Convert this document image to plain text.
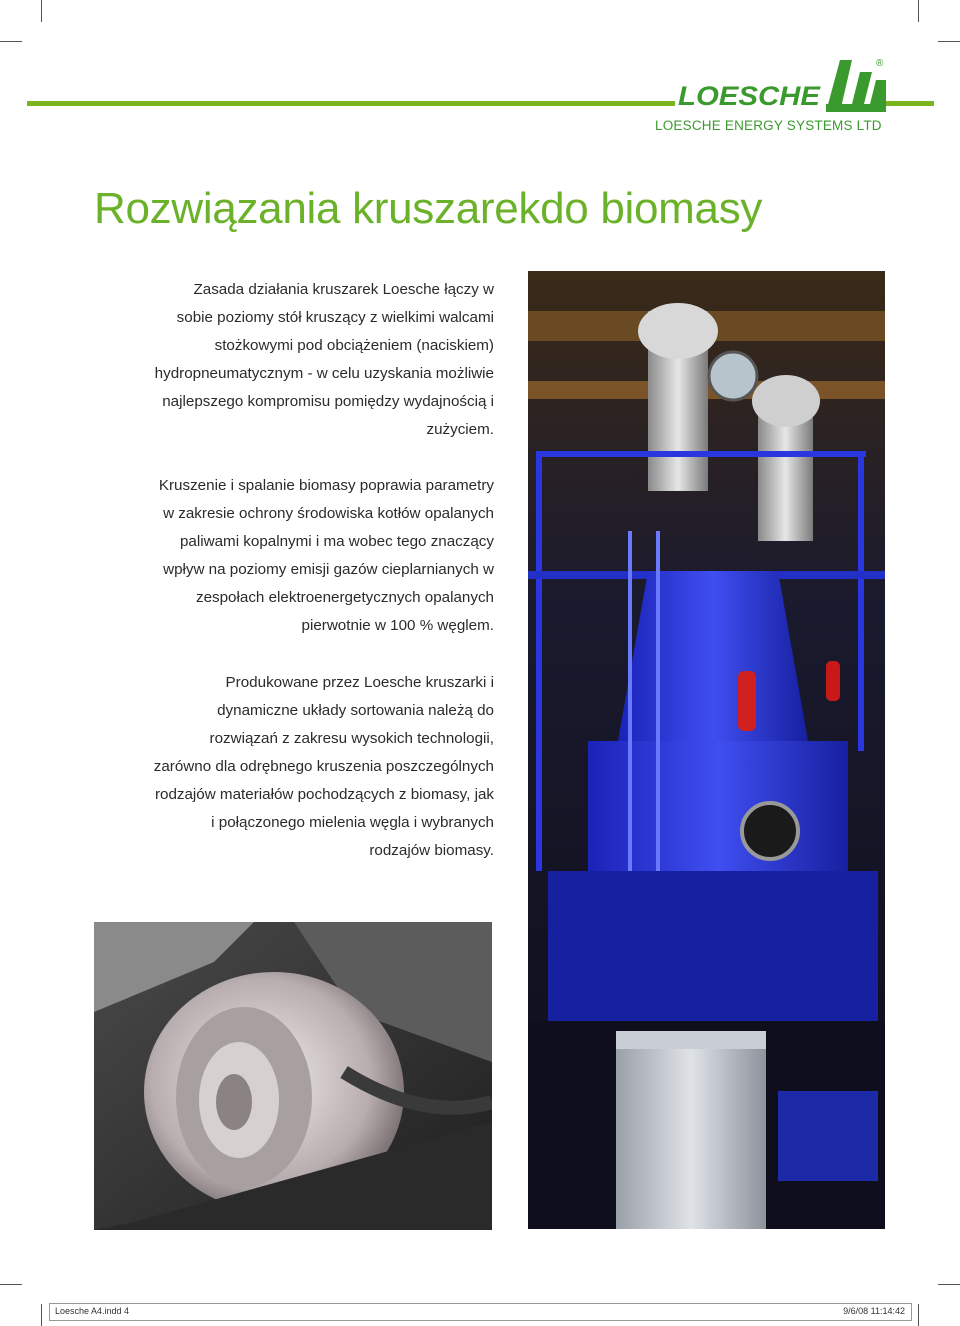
LOESCHE
®
LOESCHE ENERGY SYSTEMS LTD
Rozwiązania kruszarekdo biomasy
Zasada działania kruszarek Loesche łączy w
sobie poziomy stół kruszący z wielkimi walcami
stożkowymi pod obciążeniem (naciskiem)
hydropneumatycznym - w celu uzyskania możliwie
najlepszego kompromisu pomiędzy wydajnością i
zużyciem.
Kruszenie i spalanie biomasy poprawia parametry
w zakresie ochrony środowiska kotłów opalanych
paliwami kopalnymi i ma wobec tego znaczący
wpływ na poziomy emisji gazów cieplarnianych w
zespołach elektroenergetycznych opalanych
pierwotnie w 100 % węglem.
Produkowane przez Loesche kruszarki i
dynamiczne układy sortowania należą do
rozwiązań z zakresu wysokich technologii,
zarówno dla odrębnego kruszenia poszczególnych
rodzajów materiałów pochodzących z biomasy, jak
i połączonego mielenia węgla i wybranych
rodzajów biomasy.
Loesche A4.indd 4	9/6/08 11:14:42
